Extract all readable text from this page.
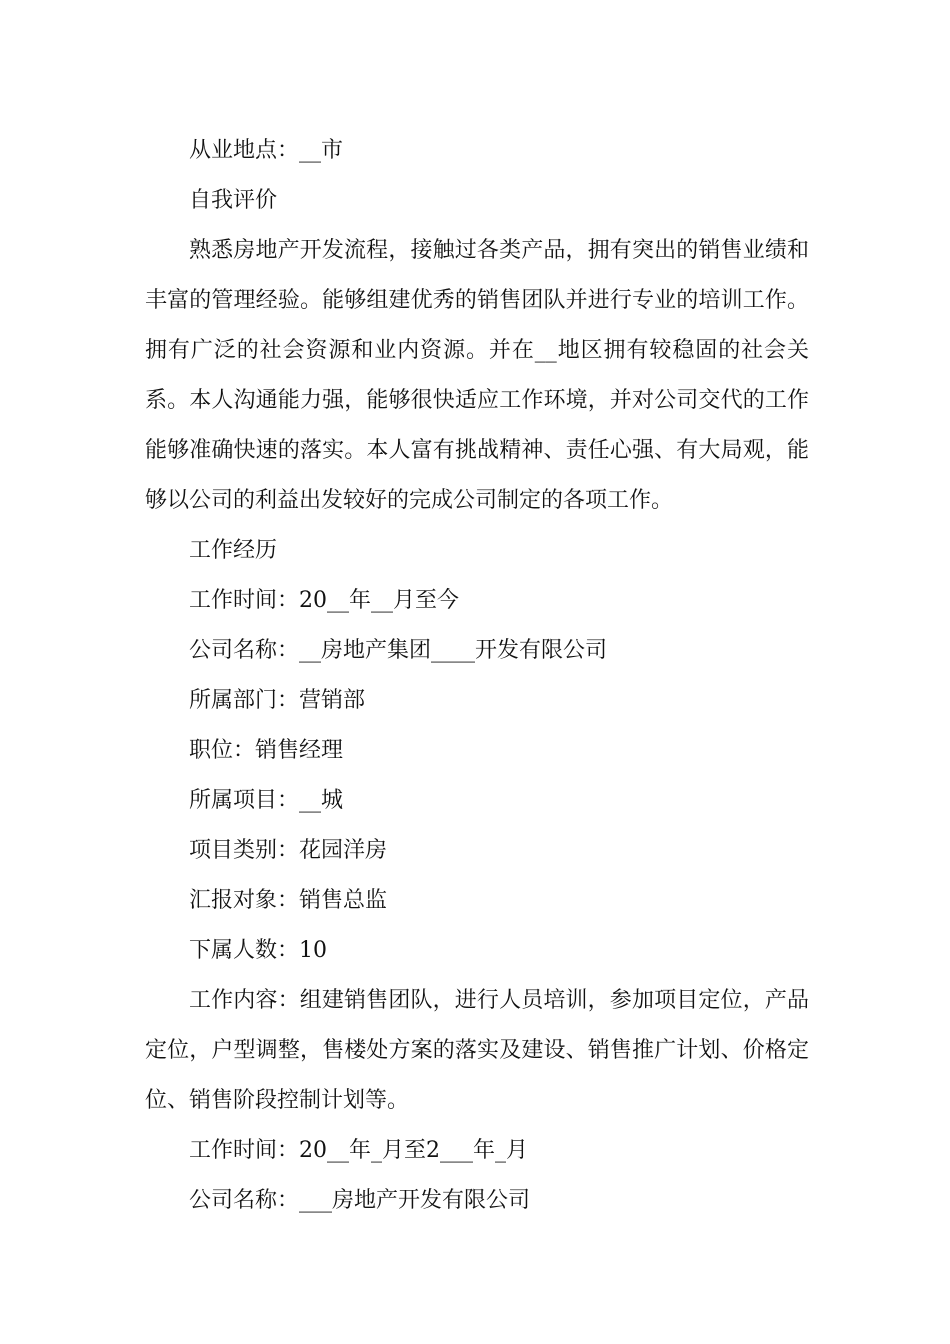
从业地点：__市

自我评价

熟悉房地产开发流程，接触过各类产品，拥有突出的销售业绩和丰富的管理经验。能够组建优秀的销售团队并进行专业的培训工作。拥有广泛的社会资源和业内资源。并在__地区拥有较稳固的社会关系。本人沟通能力强，能够很快适应工作环境，并对公司交代的工作能够准确快速的落实。本人富有挑战精神、责任心强、有大局观，能够以公司的利益出发较好的完成公司制定的各项工作。

工作经历

工作时间：20__年__月至今

公司名称：__房地产集团____开发有限公司

所属部门：营销部

职位：销售经理

所属项目：__城

项目类别：花园洋房

汇报对象：销售总监

下属人数：10

工作内容：组建销售团队，进行人员培训，参加项目定位，产品定位，户型调整，售楼处方案的落实及建设、销售推广计划、价格定位、销售阶段控制计划等。

工作时间：20__年_月至2___年_月

公司名称：___房地产开发有限公司
